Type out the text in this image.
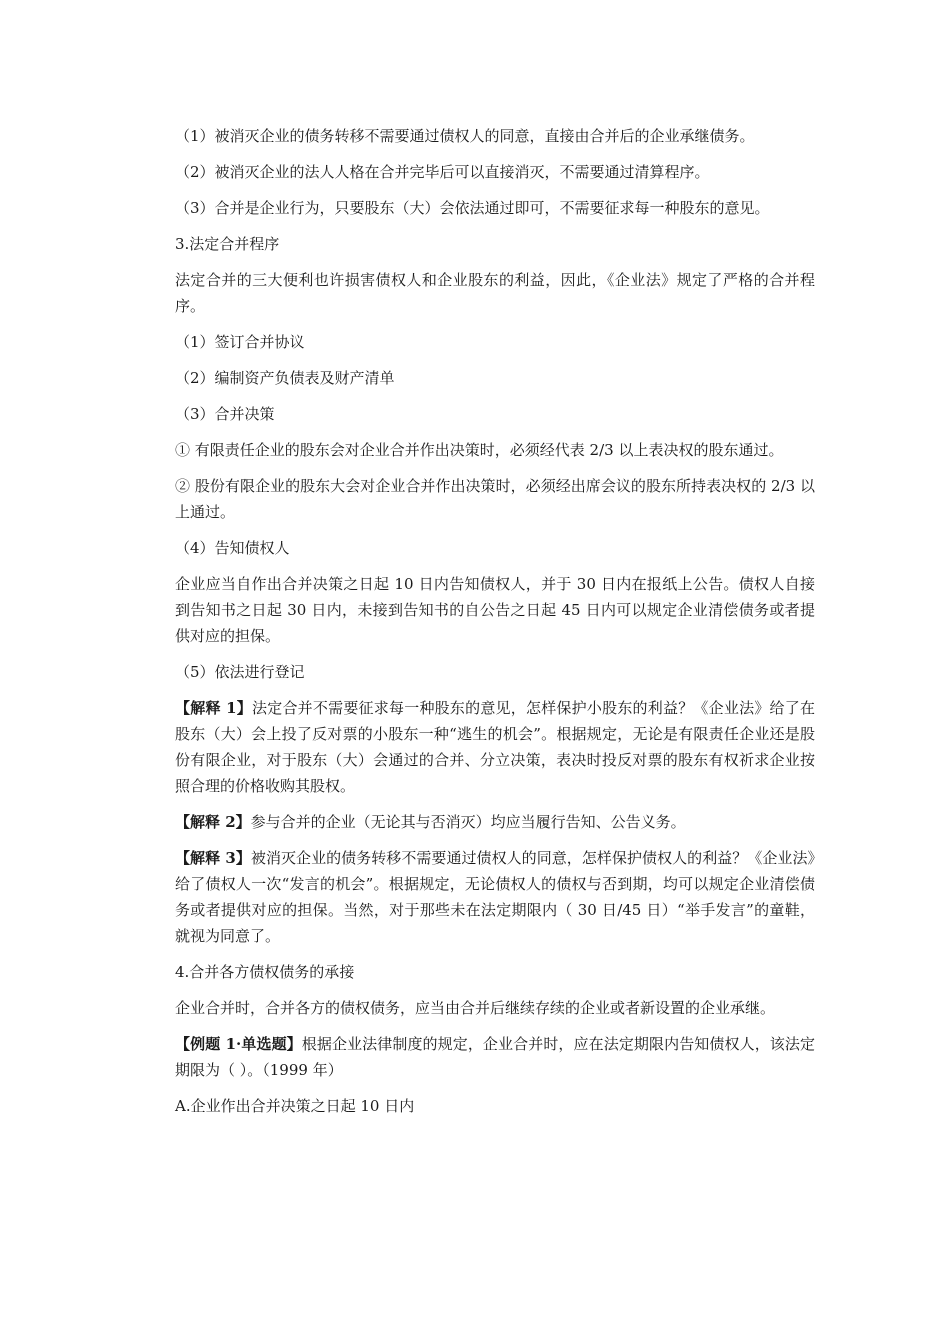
（1）被消灭企业的债务转移不需要通过债权人的同意，直接由合并后的企业承继债务。

（2）被消灭企业的法人人格在合并完毕后可以直接消灭，不需要通过清算程序。

（3）合并是企业行为，只要股东（大）会依法通过即可，不需要征求每一种股东的意见。

3.法定合并程序

法定合并的三大便利也许损害债权人和企业股东的利益，因此，《企业法》规定了严格的合并程序。

（1）签订合并协议

（2）编制资产负债表及财产清单

（3）合并决策

① 有限责任企业的股东会对企业合并作出决策时，必须经代表 2/3 以上表决权的股东通过。

② 股份有限企业的股东大会对企业合并作出决策时，必须经出席会议的股东所持表决权的 2/3 以上通过。

（4）告知债权人

企业应当自作出合并决策之日起 10 日内告知债权人，并于 30 日内在报纸上公告。债权人自接到告知书之日起 30 日内，未接到告知书的自公告之日起 45 日内可以规定企业清偿债务或者提供对应的担保。

（5）依法进行登记

【解释 1】法定合并不需要征求每一种股东的意见，怎样保护小股东的利益？《企业法》给了在股东（大）会上投了反对票的小股东一种“逃生的机会”。根据规定，无论是有限责任企业还是股份有限企业，对于股东（大）会通过的合并、分立决策，表决时投反对票的股东有权祈求企业按照合理的价格收购其股权。

【解释 2】参与合并的企业（无论其与否消灭）均应当履行告知、公告义务。

【解释 3】被消灭企业的债务转移不需要通过债权人的同意，怎样保护债权人的利益？《企业法》给了债权人一次“发言的机会”。根据规定，无论债权人的债权与否到期，均可以规定企业清偿债务或者提供对应的担保。当然，对于那些未在法定期限内（ 30 日/45 日）“举手发言”的童鞋，就视为同意了。

4.合并各方债权债务的承接

企业合并时，合并各方的债权债务，应当由合并后继续存续的企业或者新设置的企业承继。

【例题 1·单选题】根据企业法律制度的规定，企业合并时，应在法定期限内告知债权人，该法定期限为（ ）。（1999 年）

A.企业作出合并决策之日起 10 日内
